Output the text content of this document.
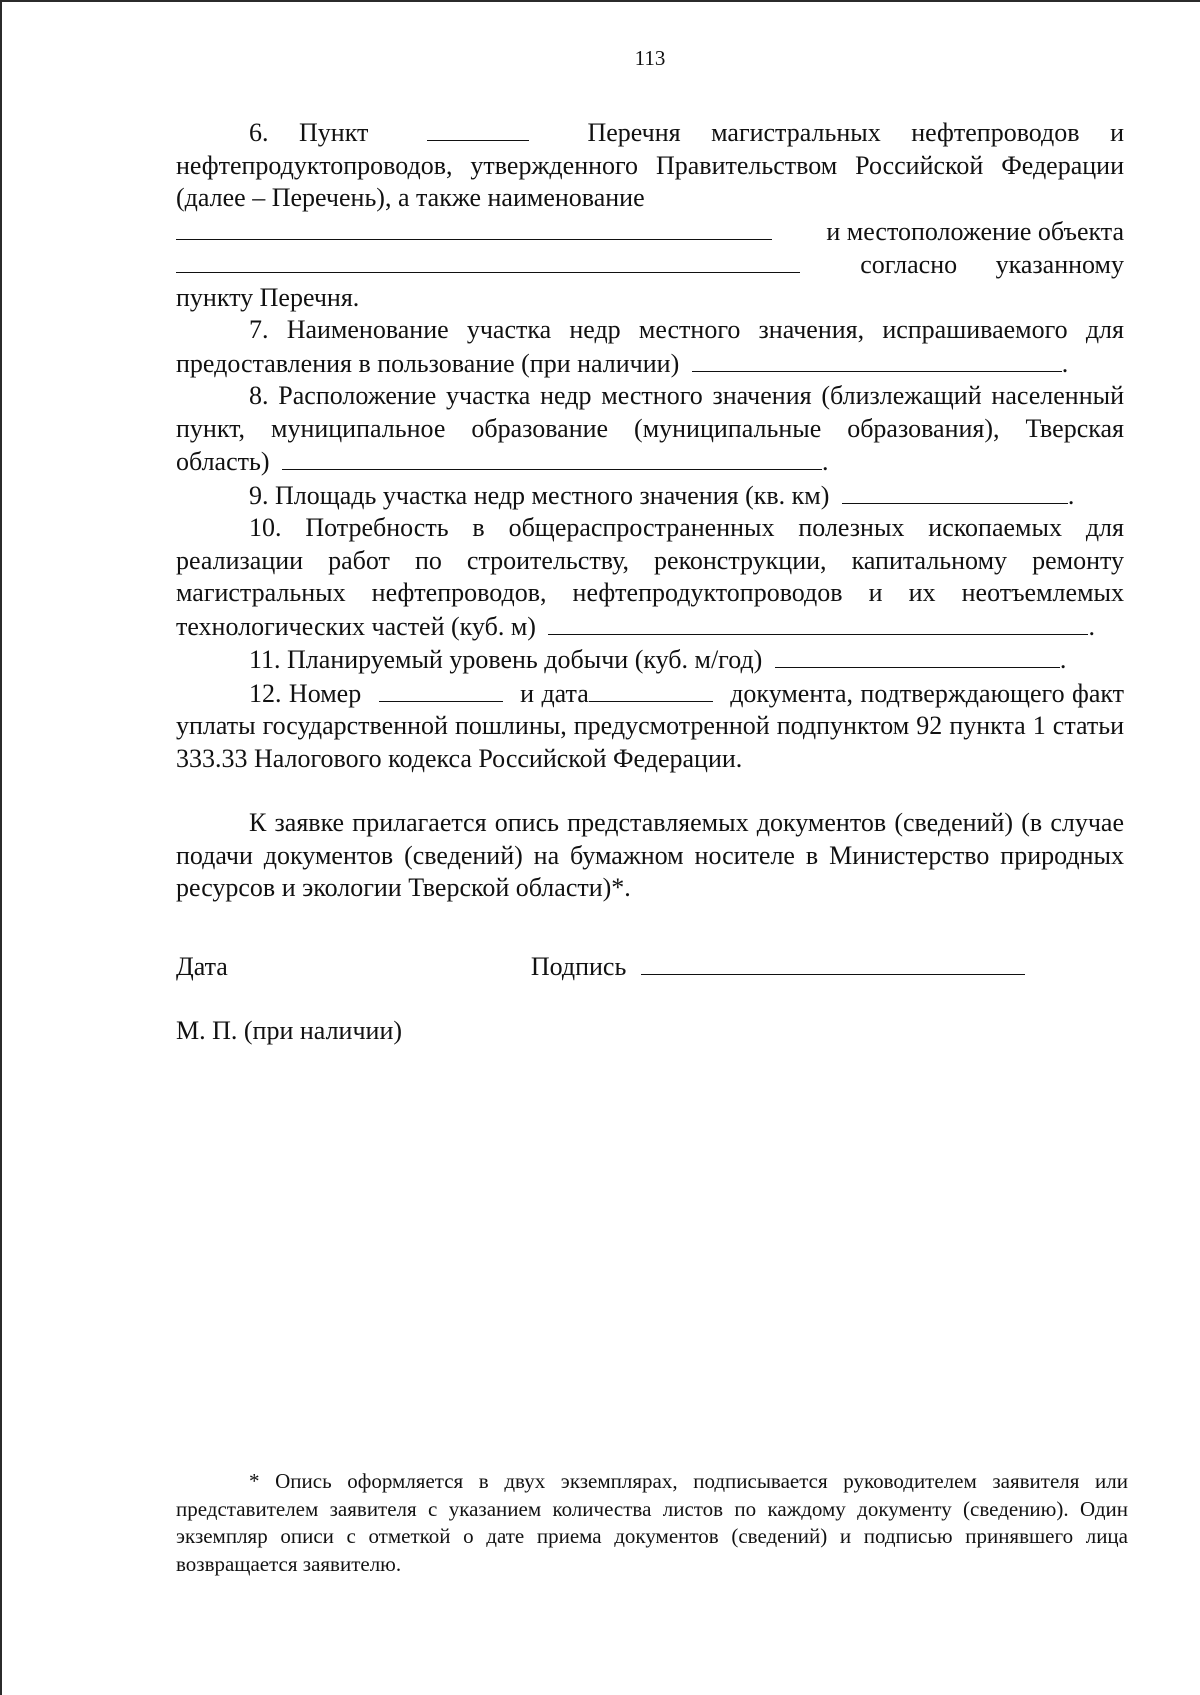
113

6. Пункт	Перечня магистральных нефтепроводов и нефтепродуктопроводов, утвержденного Правительством Российской Федерации (далее – Перечень), а также наименование

и местоположение объекта
согласно указанному

пункту Перечня.

7. Наименование участка недр местного значения, испрашиваемого для предоставления в пользование (при наличии)	.

8. Расположение участка недр местного значения (близлежащий населенный пункт, муниципальное образование (муниципальные образования), Тверская область)	.

9. Площадь участка недр местного значения (кв. км)	.

10. Потребность в общераспространенных полезных ископаемых для реализации работ по строительству, реконструкции, капитальному ремонту магистральных нефтепроводов, нефтепродуктопроводов и их неотъемлемых технологических частей (куб. м)	.

11. Планируемый уровень добычи (куб. м/год)	.

12. Номер	и дата	документа, подтверждающего факт уплаты государственной пошлины, предусмотренной подпунктом 92 пункта 1 статьи 333.33 Налогового кодекса Российской Федерации.

К заявке прилагается опись представляемых документов (сведений) (в случае подачи документов (сведений) на бумажном носителе в Министерство природных ресурсов и экологии Тверской области)*.

Дата	Подпись
М. П. (при наличии)
* Опись оформляется в двух экземплярах, подписывается руководителем заявителя или представителем заявителя с указанием количества листов по каждому документу (сведению). Один экземпляр описи с отметкой о дате приема документов (сведений) и подписью принявшего лица возвращается заявителю.
